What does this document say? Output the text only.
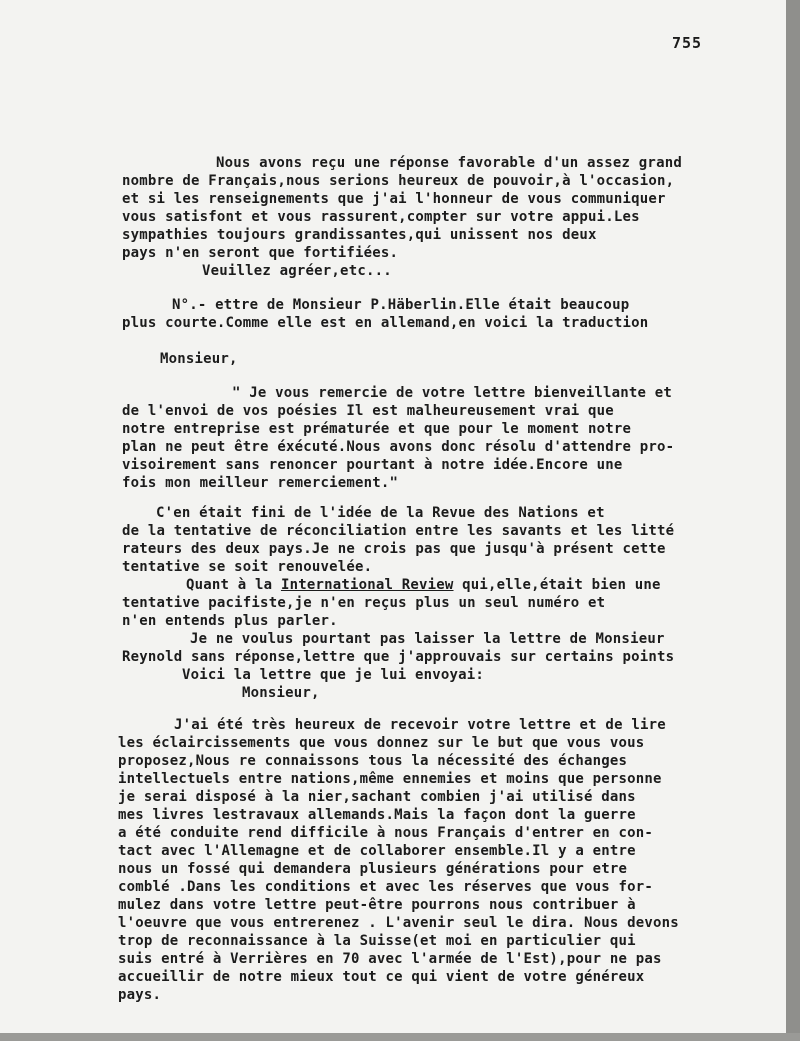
755
Nous avons reçu une réponse favorable d'un assez grand
nombre de Français,nous serions heureux de pouvoir,à l'occasion,
et si les renseignements que j'ai l'honneur de vous communiquer
vous satisfont et vous rassurent,compter sur votre appui.Les
sympathies toujours grandissantes,qui unissent nos deux
pays n'en seront que fortifiées.
Veuillez agréer,etc...
N°.- ettre de Monsieur P.Häberlin.Elle était beaucoup
plus courte.Comme elle est en allemand,en voici la traduction
Monsieur,
" Je vous remercie de votre lettre bienveillante et
de l'envoi de vos poésies Il est malheureusement vrai que
notre entreprise est prématurée et que pour le moment notre
plan ne peut être éxécuté.Nous avons donc résolu d'attendre pro-
visoirement sans renoncer pourtant à notre idée.Encore une
fois mon meilleur remerciement."
C'en était fini de l'idée de la Revue des Nations et
de la tentative de réconciliation entre les savants et les litté
rateurs des deux pays.Je ne crois pas que jusqu'à présent cette
tentative se soit renouvelée.
Quant à la International Review qui,elle,était bien une
tentative pacifiste,je n'en reçus plus un seul numéro et
n'en entends plus parler.
Je ne voulus pourtant pas laisser la lettre de Monsieur
Reynold sans réponse,lettre que j'approuvais sur certains points
Voici la lettre que je lui envoyai:
Monsieur,
J'ai été très heureux de recevoir votre lettre et de lire
les éclaircissements que vous donnez sur le but que vous vous
proposez,Nous re connaissons tous la nécessité des échanges
intellectuels entre nations,même ennemies et moins que personne
je serai disposé à la nier,sachant combien j'ai utilisé dans
mes livres lestravaux allemands.Mais la façon dont la guerre
a été conduite rend difficile à nous Français d'entrer en con-
tact avec l'Allemagne et de collaborer ensemble.Il y a entre
nous un fossé qui demandera plusieurs générations pour etre
comblé .Dans les conditions et avec les réserves que vous for-
mulez dans votre lettre peut-être pourrons nous contribuer à
l'oeuvre que vous entrerenez . L'avenir seul le dira. Nous devons
trop de reconnaissance à la Suisse(et moi en particulier qui
suis entré à Verrières en 70 avec l'armée de l'Est),pour ne pas
accueillir de notre mieux tout ce qui vient de votre généreux
pays.
